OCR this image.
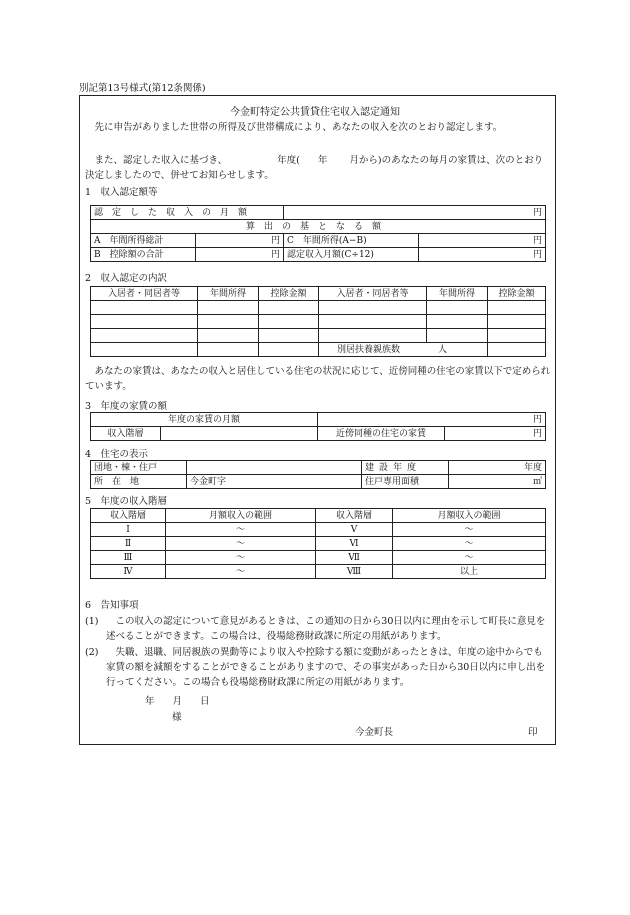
別記第13号様式(第12条関係)
今金町特定公共賃貸住宅収入認定通知
先に申告がありました世帯の所得及び世帯構成により、あなたの収入を次のとおり認定します。
また、認定した収入に基づき、	年度( 年 月から)のあなたの毎月の家賃は、次のとおり決定しましたので、併せてお知らせします。
1　収入認定額等
認定した収入の月額		円	
算出の基となる額			
A　年間所得総計	円	C　年間所得(A−B)	円
B　控除額の合計	円	認定収入月額(C÷12)	円
2　収入認定の内訳
入居者・同居者等	年間所得	控除金額	入居者・同居者等	年間所得	控除金額

			別居扶養親族数 人		
あなたの家賃は、あなたの収入と居住している住宅の状況に応じて、近傍同種の住宅の家賃以下で定められています。
3　年度の家賃の額
年度の家賃の月額		円	
収入階層		近傍同種の住宅の家賃	円
4　住宅の表示
団地・棟・住戸		建設年度	年度
所在地	今金町字	住戸専用面積	㎡
5　年度の収入階層
収入階層	月額収入の範囲	収入階層	月額収入の範囲
Ⅰ	〜	Ⅴ	〜
Ⅱ	〜	Ⅵ	〜
Ⅲ	〜	Ⅶ	〜
Ⅳ	〜	Ⅷ	以上
6　告知事項
(1)	この収入の認定について意見があるときは、この通知の日から30日以内に理由を示して町長に意見を述べることができます。この場合は、役場総務財政課に所定の用紙があります。
(2)	失職、退職、同居親族の異動等により収入や控除する額に変動があったときは、年度の途中からでも家賃の額を減額をすることができることがありますので、その事実があった日から30日以内に申し出を行ってください。この場合も役場総務財政課に所定の用紙があります。
年 月 日
様
今金町長	印
